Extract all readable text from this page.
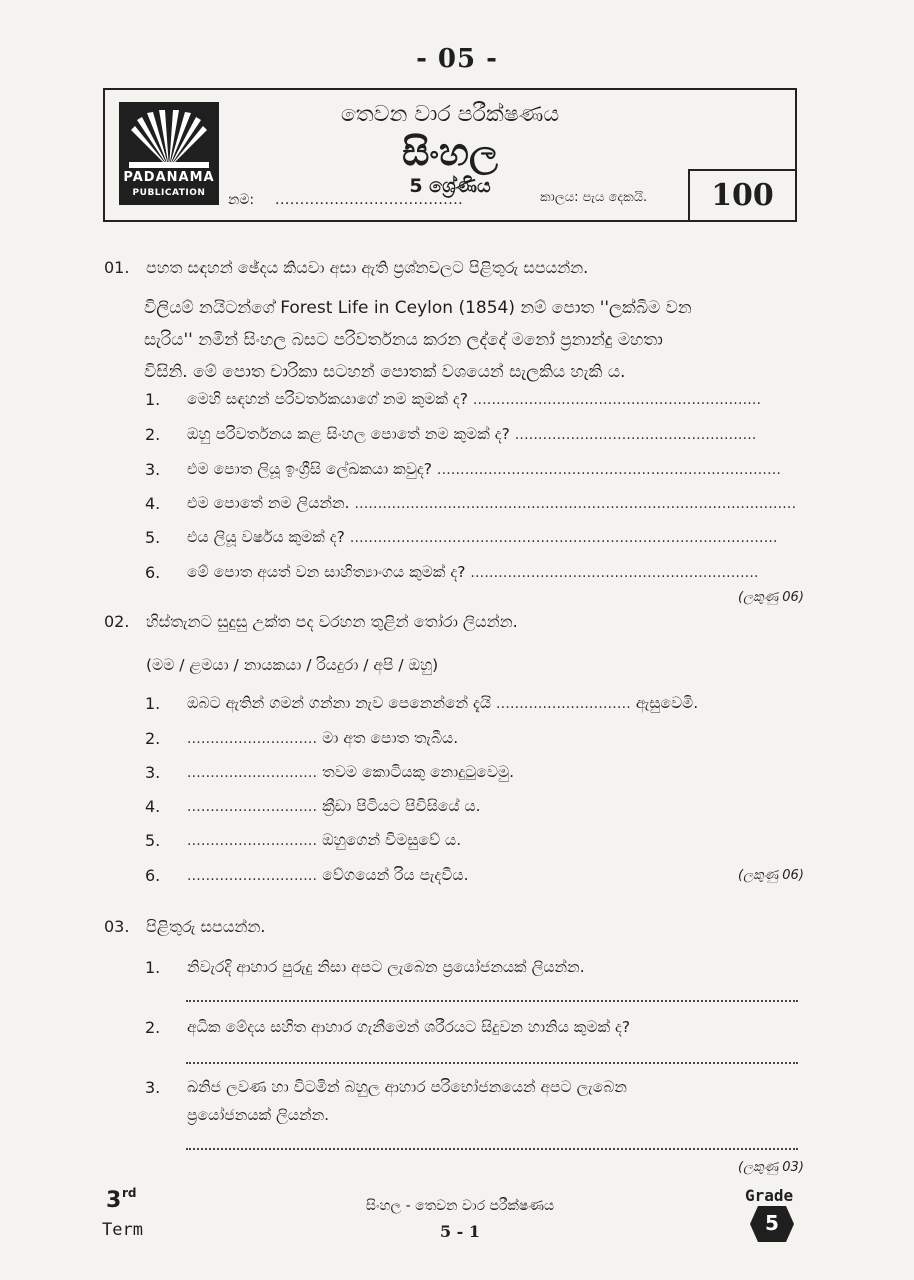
- 05 -
PADANAMA
PUBLICATION
තෙවන වාර පරීක්ෂණය
සිංහල
5 ශ්‍රේණිය
නම: ......................................	කාලය: පැය දෙකයි.	100
01. පහත සඳහන් ඡේදය කියවා අසා ඇති ප්‍රශ්නවලට පිළිතුරු සපයන්න.
විලියම් නයිටන්ගේ Forest Life in Ceylon (1854) නම් පොත ''ලක්බිම වන
සැරිය'' නමින් සිංහල බසට පරිවර්තනය කරන ලද්දේ මනෝ ප්‍රනාන්දු මහතා
විසිනි. මේ පොත චාරිකා සටහන් පොතක් වශයෙන් සැලකිය හැකි ය.
1. මෙහි සඳහන් පරිවර්තකයාගේ නම කුමක් ද? ..............................................................
2. ඔහු පරිවර්තනය කළ සිංහල පොතේ නම කුමක් ද? ....................................................
3. එම පොත ලියූ ඉංග්‍රීසි ලේඛකයා කවුද? ..........................................................................
4. එම පොතේ නම ලියන්න. ...............................................................................................
5. එය ලියූ වර්ෂය කුමක් ද? ............................................................................................
6. මේ පොත අයත් වන සාහිත්‍යාංගය කුමක් ද? ..............................................................
(ලකුණු 06)
02. හිස්තැනට සුදුසු උක්ත පද වරහන තුළින් තෝරා ලියන්න.
(මම / ළමයා / නායකයා / රියදුරා / අපි / ඔහු)
1. ඔබට ඇතින් ගමන් ගන්නා නැව පෙනෙන්නේ දැයි ............................. ඇසුවෙමි.
2. ............................ මා අත පොත තැබීය.
3. ............................ තවම කොටියකු නොදුටුවෙමු.
4. ............................ ක්‍රීඩා පිටියට පිවිසියේ ය.
5. ............................ ඔහුගෙන් විමසුවේ ය.
6. ............................ වේගයෙන් රිය පැදවීය.	(ලකුණු 06)
03. පිළිතුරු සපයන්න.
1. නිවැරදි ආහාර පුරුදු නිසා අපට ලැබෙන ප්‍රයෝජනයක් ලියන්න.
2. අධික මේදය සහිත ආහාර ගැනීමෙන් ශරීරයට සිදුවන හානිය කුමක් ද?
3. ඛනිජ ලවණ හා විටමින් බහුල ආහාර පරිභෝජනයෙන් අපට ලැබෙන
ප්‍රයෝජනයක් ලියන්න.
(ලකුණු 03)
3 rd
Term
සිංහල - තෙවන වාර පරීක්ෂණය
5 - 1
Grade
5
